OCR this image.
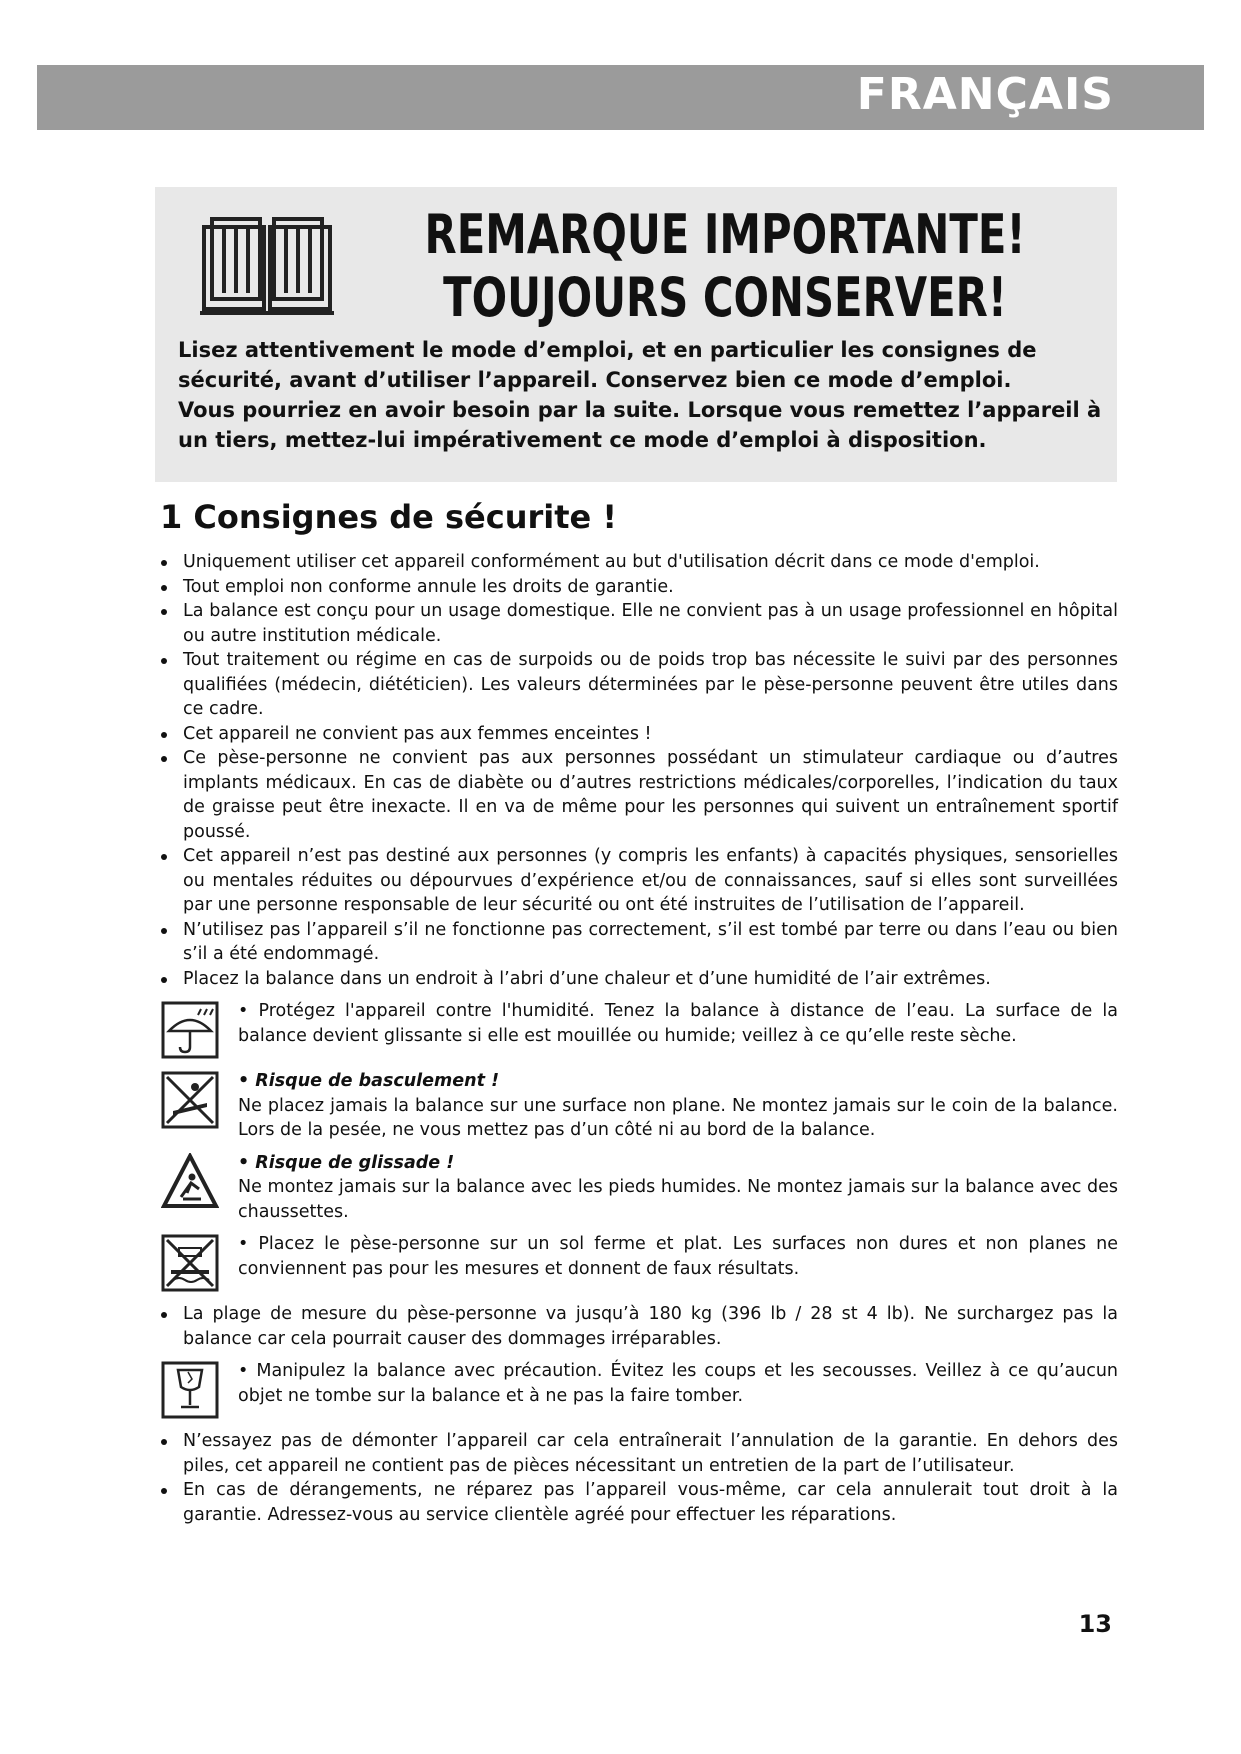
FRANÇAIS
REMARQUE IMPORTANTE!
TOUJOURS CONSERVER!
Lisez attentivement le mode d’emploi, et en particulier les consignes de
sécurité, avant d’utiliser l’appareil. Conservez bien ce mode d’emploi.
Vous pourriez en avoir besoin par la suite. Lorsque vous remettez l’appareil à
un tiers, mettez-lui impérativement ce mode d’emploi à disposition.
1 Consignes de sécurite !
Uniquement utiliser cet appareil conformément au but d'utilisation décrit dans ce mode d'emploi.
Tout emploi non conforme annule les droits de garantie.
La balance est conçu pour un usage domestique. Elle ne convient pas à un usage professionnel en hôpital ou autre institution médicale.
Tout traitement ou régime en cas de surpoids ou de poids trop bas nécessite le suivi par des personnes qualifiées (médecin, diététicien). Les valeurs déterminées par le pèse-personne peuvent être utiles dans ce cadre.
Cet appareil ne convient pas aux femmes enceintes !
Ce pèse-personne ne convient pas aux personnes possédant un stimulateur cardiaque ou d’autres implants médicaux. En cas de diabète ou d’autres restrictions médicales/corporelles, l’indication du taux de graisse peut être inexacte. Il en va de même pour les personnes qui suivent un entraînement sportif poussé.
Cet appareil n’est pas destiné aux personnes (y compris les enfants) à capacités physiques, sensorielles ou mentales réduites ou dépourvues d’expérience et/ou de connaissances, sauf si elles sont surveillées par une personne responsable de leur sécurité ou ont été instruites de l’utilisation de l’appareil.
N’utilisez pas l’appareil s’il ne fonctionne pas correctement, s’il est tombé par terre ou dans l’eau ou bien s’il a été endommagé.
Placez la balance dans un endroit à l’abri d’une chaleur et d’une humidité de l’air extrêmes.
• Protégez l'appareil contre l'humidité. Tenez la balance à distance de l’eau. La surface de la balance devient glissante si elle est mouillée ou humide; veillez à ce qu’elle reste sèche.
• Risque de basculement !
Ne placez jamais la balance sur une surface non plane. Ne montez jamais sur le coin de la balance. Lors de la pesée, ne vous mettez pas d’un côté ni au bord de la balance.
• Risque de glissade !
Ne montez jamais sur la balance avec les pieds humides. Ne montez jamais sur la balance avec des chaussettes.
• Placez le pèse-personne sur un sol ferme et plat. Les surfaces non dures et non planes ne conviennent pas pour les mesures et donnent de faux résultats.
La plage de mesure du pèse-personne va jusqu’à 180 kg (396 lb / 28 st 4 lb). Ne surchargez pas la balance car cela pourrait causer des dommages irréparables.
• Manipulez la balance avec précaution. Évitez les coups et les secousses. Veillez à ce qu’aucun objet ne tombe sur la balance et à ne pas la faire tomber.
N’essayez pas de démonter l’appareil car cela entraînerait l’annulation de la garantie. En dehors des piles, cet appareil ne contient pas de pièces nécessitant un entretien de la part de l’utilisateur.
En cas de dérangements, ne réparez pas l’appareil vous-même, car cela annulerait tout droit à la garantie. Adressez-vous au service clientèle agréé pour effectuer les réparations.
13
